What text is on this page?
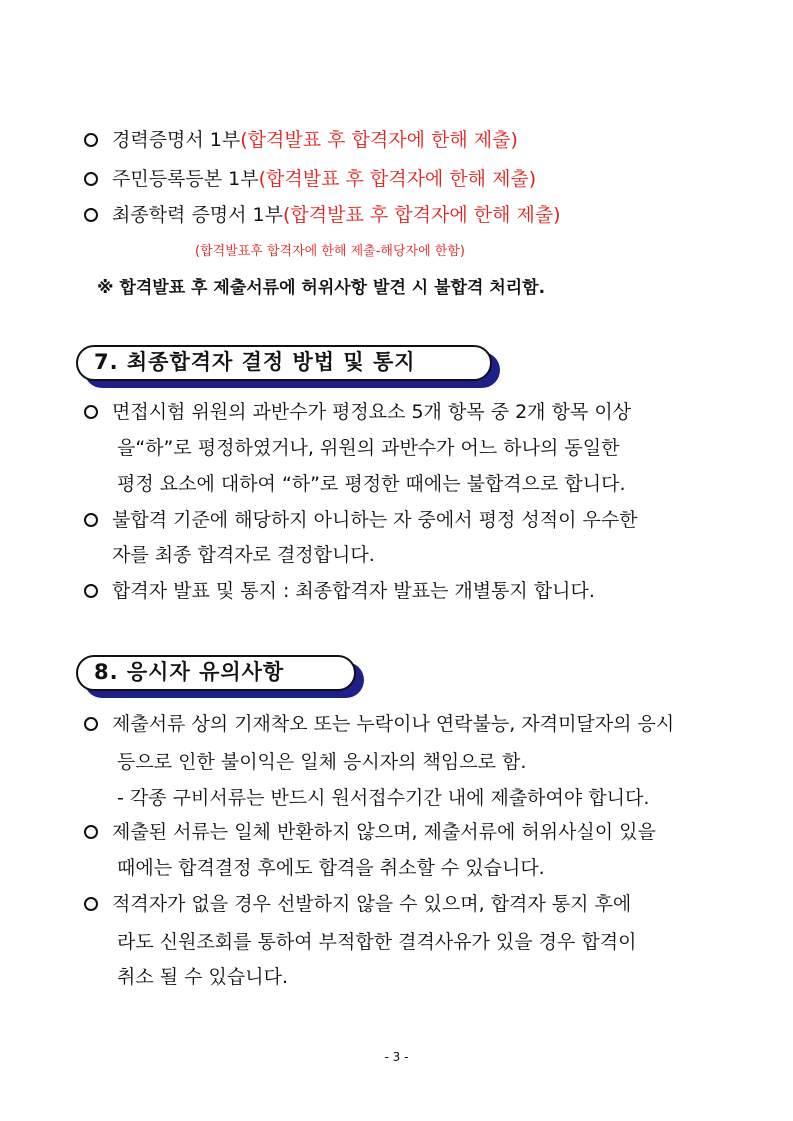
경력증명서 1부(합격발표 후 합격자에 한해 제출)
주민등록등본 1부(합격발표 후 합격자에 한해 제출)
최종학력 증명서 1부(합격발표 후 합격자에 한해 제출)
(합격발표후 합격자에 한해 제출-해당자에 한함)
※ 합격발표 후 제출서류에 허위사항 발견 시 불합격 처리함.
7. 최종합격자 결정 방법 및 통지
면접시험 위원의 과반수가 평정요소 5개 항목 중 2개 항목 이상
을“하”로 평정하였거나, 위원의 과반수가 어느 하나의 동일한
평정 요소에 대하여 “하”로 평정한 때에는 불합격으로 합니다.
불합격 기준에 해당하지 아니하는 자 중에서 평정 성적이 우수한
자를 최종 합격자로 결정합니다.
합격자 발표 및 통지 : 최종합격자 발표는 개별통지 합니다.
8. 응시자 유의사항
제출서류 상의 기재착오 또는 누락이나 연락불능, 자격미달자의 응시
등으로 인한 불이익은 일체 응시자의 책임으로 함.
- 각종 구비서류는 반드시 원서접수기간 내에 제출하여야 합니다.
제출된 서류는 일체 반환하지 않으며, 제출서류에 허위사실이 있을
때에는 합격결정 후에도 합격을 취소할 수 있습니다.
적격자가 없을 경우 선발하지 않을 수 있으며, 합격자 통지 후에
라도 신원조회를 통하여 부적합한 결격사유가 있을 경우 합격이
취소 될 수 있습니다.
- 3 -
